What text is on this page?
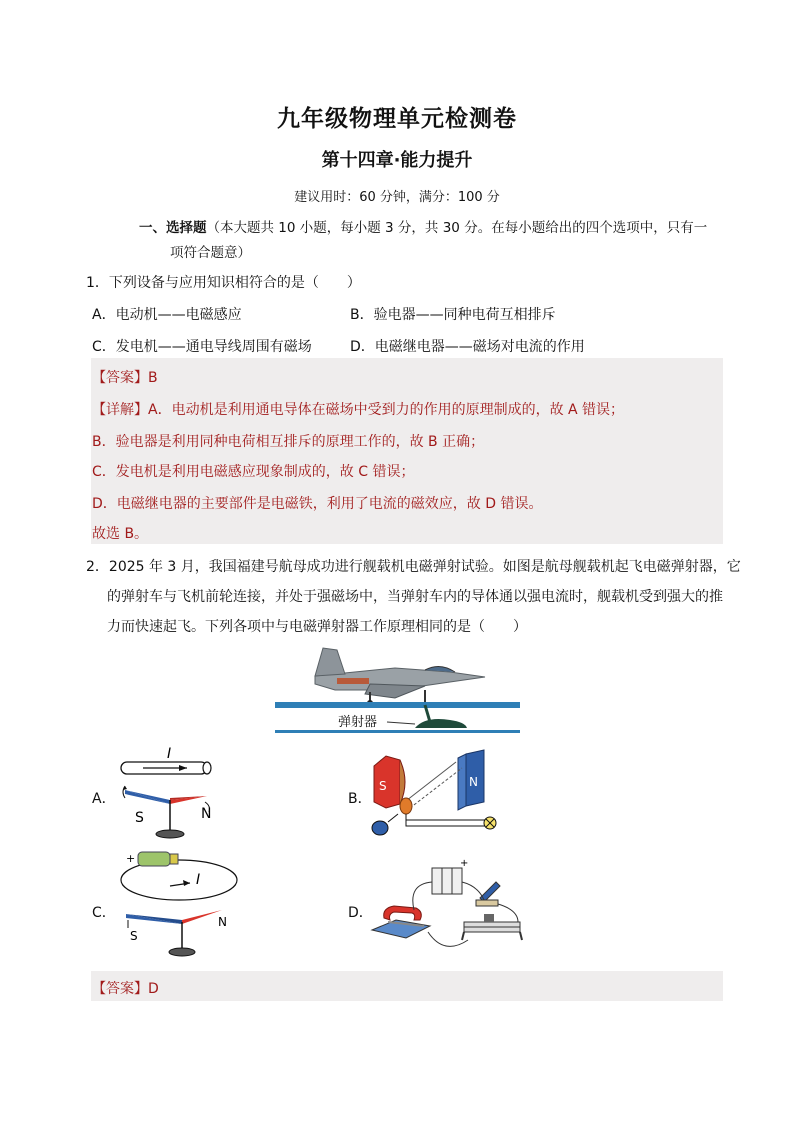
九年级物理单元检测卷
第十四章·能力提升
建议用时：60 分钟，满分：100 分
一、选择题（本大题共 10 小题，每小题 3 分，共 30 分。在每小题给出的四个选项中，只有一
项符合题意）
1．下列设备与应用知识相符合的是（　　）
A．电动机——电磁感应	B．验电器——同种电荷互相排斥
C．发电机——通电导线周围有磁场	D．电磁继电器——磁场对电流的作用
【答案】B
【详解】A．电动机是利用通电导体在磁场中受到力的作用的原理制成的，故 A 错误；
B．验电器是利用同种电荷相互排斥的原理工作的，故 B 正确；
C．发电机是利用电磁感应现象制成的，故 C 错误；
D．电磁继电器的主要部件是电磁铁，利用了电流的磁效应，故 D 错误。
故选 B。
2．2025 年 3 月，我国福建号航母成功进行舰载机电磁弹射试验。如图是航母舰载机起飞电磁弹射器，它
的弹射车与飞机前轮连接，并处于强磁场中，当弹射车内的导体通以强电流时，舰载机受到强大的推
力而快速起飞。下列各项中与电磁弹射器工作原理相同的是（　　）
弹射器
A．
I
S	N
B．
S	N
C．
+
I
S
N
D．
+
【答案】D
